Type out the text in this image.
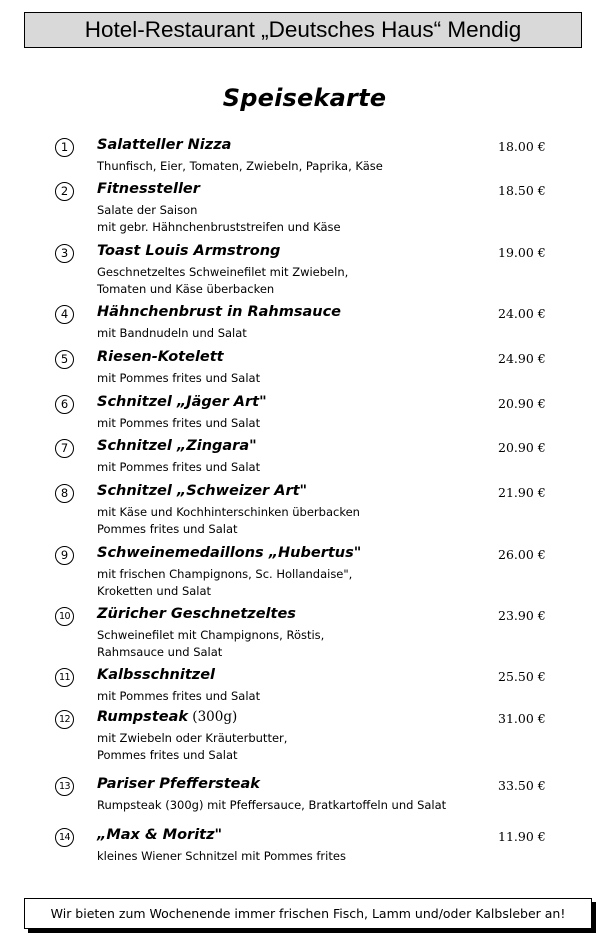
Hotel-Restaurant „Deutsches Haus“ Mendig
Speisekarte
1 Salatteller Nizza
Thunfisch, Eier, Tomaten, Zwiebeln, Paprika, Käse
18.00 €
2 Fitnessteller
Salate der Saison
mit gebr. Hähnchenbruststreifen und Käse
18.50 €
3 Toast Louis Armstrong
Geschnetzeltes Schweinefilet mit Zwiebeln,
Tomaten und Käse überbacken
19.00 €
4 Hähnchenbrust in Rahmsauce
mit Bandnudeln und Salat
24.00 €
5 Riesen-Kotelett
mit Pommes frites und Salat
24.90 €
6 Schnitzel „Jäger Art"
mit Pommes frites und Salat
20.90 €
7 Schnitzel „Zingara"
mit Pommes frites und Salat
20.90 €
8 Schnitzel „Schweizer Art"
mit Käse und Kochhinterschinken überbacken
Pommes frites und Salat
21.90 €
9 Schweinemedaillons „Hubertus"
mit frischen Champignons, Sc. Hollandaise",
Kroketten und Salat
26.00 €
10 Züricher Geschnetzeltes
Schweinefilet mit Champignons, Röstis,
Rahmsauce und Salat
23.90 €
11 Kalbsschnitzel
mit Pommes frites und Salat
25.50 €
12 Rumpsteak (300g)
mit Zwiebeln oder Kräuterbutter,
Pommes frites und Salat
31.00 €
13 Pariser Pfeffersteak
Rumpsteak (300g) mit Pfeffersauce, Bratkartoffeln und Salat
33.50 €
14 „Max & Moritz"
kleines Wiener Schnitzel mit Pommes frites
11.90 €
Wir bieten zum Wochenende immer frischen Fisch, Lamm und/oder Kalbsleber an!
